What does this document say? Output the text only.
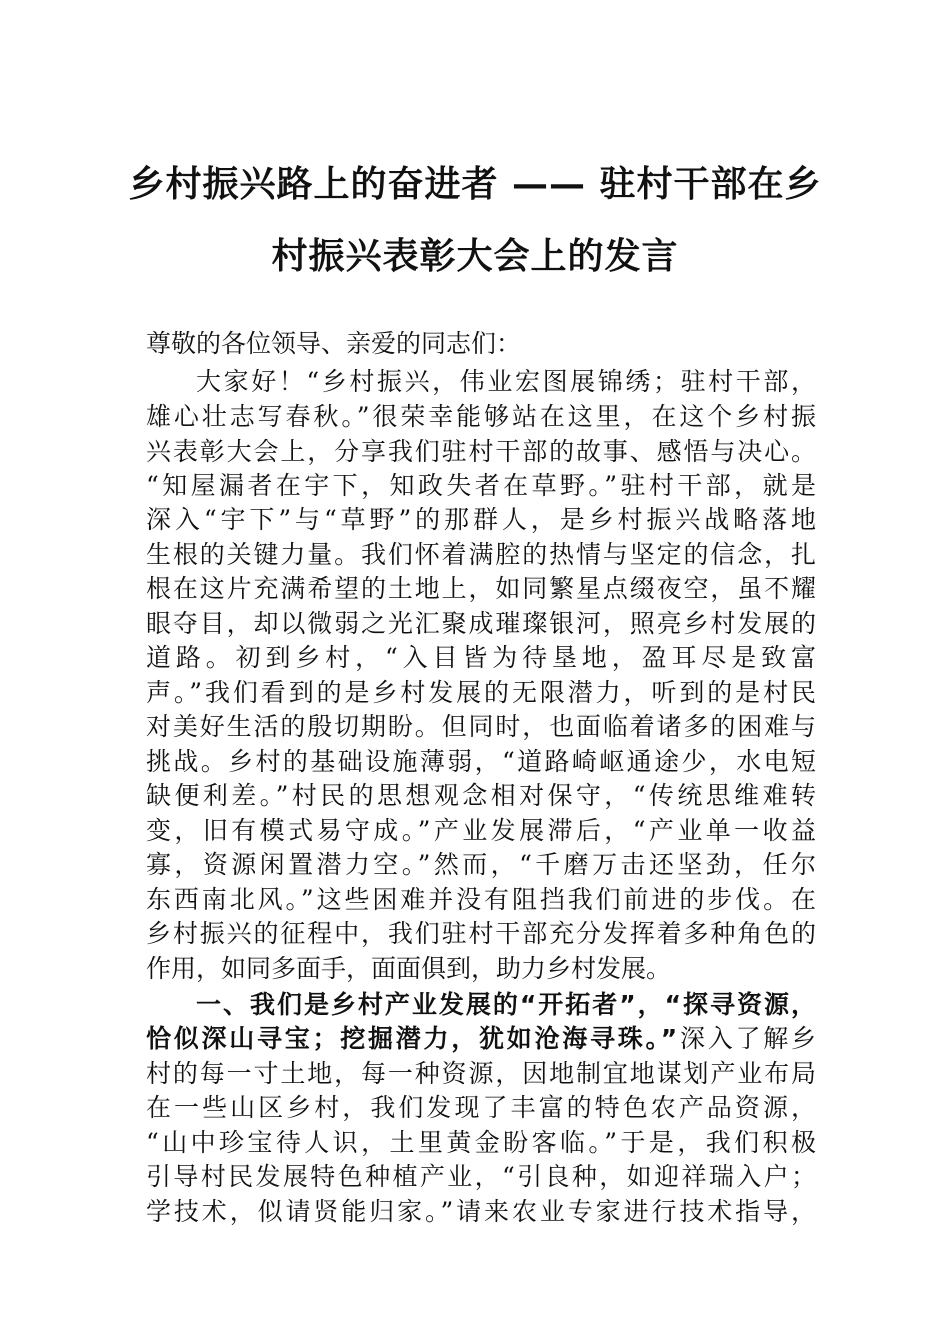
乡村振兴路上的奋进者 —— 驻村干部在乡
村振兴表彰大会上的发言
尊敬的各位领导、亲爱的同志们：
大家好！“乡村振兴，伟业宏图展锦绣；驻村干部，
雄心壮志写春秋。”很荣幸能够站在这里，在这个乡村振
兴表彰大会上，分享我们驻村干部的故事、感悟与决心。
“知屋漏者在宇下，知政失者在草野。”驻村干部，就是
深入“宇下”与“草野”的那群人，是乡村振兴战略落地
生根的关键力量。我们怀着满腔的热情与坚定的信念，扎
根在这片充满希望的土地上，如同繁星点缀夜空，虽不耀
眼夺目，却以微弱之光汇聚成璀璨银河，照亮乡村发展的
道路。初到乡村，“入目皆为待垦地，盈耳尽是致富
声。”我们看到的是乡村发展的无限潜力，听到的是村民
对美好生活的殷切期盼。但同时，也面临着诸多的困难与
挑战。乡村的基础设施薄弱，“道路崎岖通途少，水电短
缺便利差。”村民的思想观念相对保守，“传统思维难转
变，旧有模式易守成。”产业发展滞后，“产业单一收益
寡，资源闲置潜力空。”然而，“千磨万击还坚劲，任尔
东西南北风。”这些困难并没有阻挡我们前进的步伐。在
乡村振兴的征程中，我们驻村干部充分发挥着多种角色的
作用，如同多面手，面面俱到，助力乡村发展。
一、我们是乡村产业发展的“开拓者”，“探寻资源，
恰似深山寻宝；挖掘潜力，犹如沧海寻珠。”深入了解乡
村的每一寸土地，每一种资源，因地制宜地谋划产业布局
在一些山区乡村，我们发现了丰富的特色农产品资源，
“山中珍宝待人识，土里黄金盼客临。”于是，我们积极
引导村民发展特色种植产业，“引良种，如迎祥瑞入户；
学技术，似请贤能归家。”请来农业专家进行技术指导，
